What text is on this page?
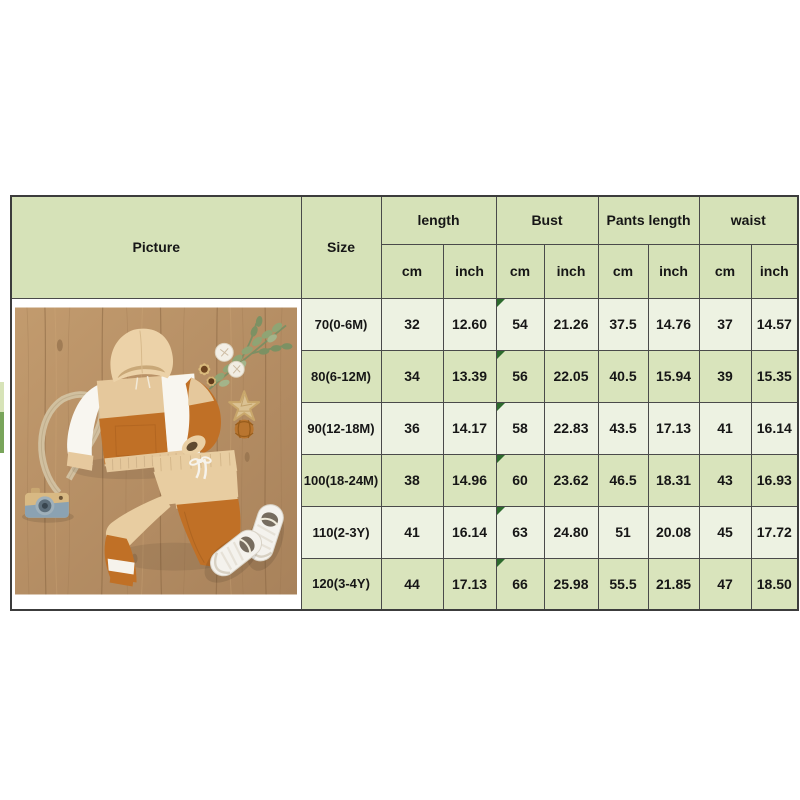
Picture	Size	length		Bust		Pants length		waist	
		cm	inch	cm	inch	cm	inch	cm	inch

	70(0-6M)	32	12.60	54	21.26	37.5	14.76	37	14.57
	80(6-12M)	34	13.39	56	22.05	40.5	15.94	39	15.35
	90(12-18M)	36	14.17	58	22.83	43.5	17.13	41	16.14
	100(18-24M)	38	14.96	60	23.62	46.5	18.31	43	16.93
	110(2-3Y)	41	16.14	63	24.80	51	20.08	45	17.72
	120(3-4Y)	44	17.13	66	25.98	55.5	21.85	47	18.50
